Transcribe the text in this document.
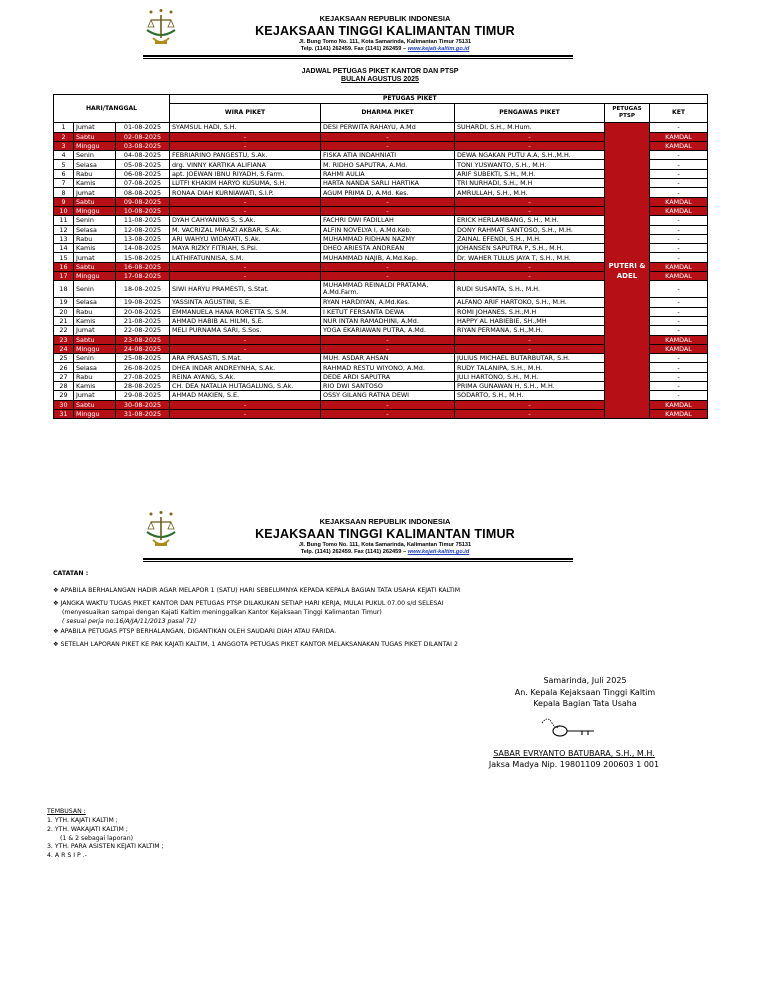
KEJAKSAAN REPUBLIK INDONESIA
KEJAKSAAN TINGGI KALIMANTAN TIMUR
Jl. Bung Tomo No. 111, Kota Samarinda, Kalimantan Timur 75131
Telp. (1141) 262459. Fax (1141) 262459 – www.kejati-kaltim.go.id
JADWAL PETUGAS PIKET KANTOR DAN PTSP
BULAN AGUSTUS 2025
HARI/TANGGAL			PETUGAS PIKET				
			WIRA PIKET	DHARMA PIKET	PENGAWAS PIKET	PETUGAS PTSP	KET
1	Jumat	01-08-2025	SYAMSUL HADI, S.H.	DESI PERWITA RAHAYU, A.Md	SUHARDI, S.H., M.Hum.	PUTERI & ADEL	-
2	Sabtu	02-08-2025	-	-	-		KAMDAL
3	Minggu	03-08-2025	-	-	-		KAMDAL
4	Senin	04-08-2025	FEBRIARINO PANGESTU, S.Ak.	FISKA ATIA INDAHNIATI	DEWA NGAKAN PUTU A.A, S.H.,M.H.		-
5	Selasa	05-08-2025	drg. VINNY KARTIKA ALIFIANA	M. RIDHO SAPUTRA, A.Md.	TONI YUSWANTO, S.H., M.H.		-
6	Rabu	06-08-2025	apt. JOEWAN IBNU RIYADH, S.Farm.	RAHMI AULIA	ARIF SUBEKTI, S.H., M.H.		-
7	Kamis	07-08-2025	LUTFI KHAKIM HARYO KUSUMA, S.H.	HARTA NANDA SARLI HARTIKA	TRI NURHADI, S.H., M.H		-
8	Jumat	08-08-2025	RONAA DIAH KURNIAWATI, S.I.P.	AGUM PRIMA D, A.Md. Kes.	AMRULLAH, S.H., M.H.		-
9	Sabtu	09-08-2025	-	-	-		KAMDAL
10	Minggu	10-08-2025	-	-	-		KAMDAL
11	Senin	11-08-2025	DYAH CAHYANING S, S.Ak.	FACHRI DWI FADILLAH	ERICK HERLAMBANG, S.H., M.H.		-
12	Selasa	12-08-2025	M. VACRIZAL MIRAZI AKBAR, S.Ak.	ALFIN NOVELYA I, A.Md.Keb.	DONY RAHMAT SANTOSO, S.H., M.H.		-
13	Rabu	13-08-2025	ARI WAHYU WIDAYATI, S.Ak.	MUHAMMAD RIDHAN NAZMY	ZAINAL EFENDI, S.H., M.H.		-
14	Kamis	14-08-2025	MAYA RIZKY FITRIAH, S.Psi.	DHEO ARIESTA ANDREAN	JOHANSEN SAPUTRA P, S.H., M.H.		-
15	Jumat	15-08-2025	LATHIFATUNNISA, S.M.	MUHAMMAD NAJIB, A.Md.Kep.	Dr. WAHER TULUS JAYA T, S.H., M.H.		-
16	Sabtu	16-08-2025	-	-	-		KAMDAL
17	Minggu	17-08-2025	-	-	-		KAMDAL
18	Senin	18-08-2025	SIWI HARYU PRAMESTI, S.Stat.	MUHAMMAD REINALDI PRATAMA, A.Md.Farm.	RUDI SUSANTA, S.H., M.H.		-
19	Selasa	19-08-2025	YASSINTA AGUSTINI, S.E.	RYAN HARDIYAN, A.Md.Kes.	ALFANO ARIF HARTOKO, S.H., M.H.		-
20	Rabu	20-08-2025	EMMANUELA HANA RORETTA S, S.M.	I KETUT FERSANTA DEWA	ROMI JOHANES, S.H.,M.H		-
21	Kamis	21-08-2025	AHMAD HABIB AL HILMI, S.E.	NUR INTAN RAMADHINI, A.Md.	HAPPY AL HABIEBIE, SH.,MH		-
22	Jumat	22-08-2025	MELI PURNAMA SARI, S.Sos.	YOGA EKARIAWAN PUTRA, A.Md.	RIYAN PERMANA, S.H.,M.H.		-
23	Sabtu	23-08-2025	-	-	-		KAMDAL
24	Minggu	24-08-2025	-	-	-		KAMDAL
25	Senin	25-08-2025	ARA PRASASTI, S.Mat.	MUH. ASDAR AHSAN	JULIUS MICHAEL BUTARBUTAR, S.H.		-
26	Selasa	26-08-2025	DHEA INDAR ANDREYNHA, S.Ak.	RAHMAD RESTU WIYONO, A.Md.	RUDY TALANIPA, S.H., M.H.		-
27	Rabu	27-08-2025	REINA AYANG, S.Ak.	DEDE ARDI SAPUTRA	JULI HARTONO, S.H., M.H.		-
28	Kamis	28-08-2025	CH. DEA NATALIA HUTAGALUNG, S.Ak.	RIO DWI SANTOSO	PRIMA GUNAWAN H, S.H., M.H.		-
29	Jumat	29-08-2025	AHMAD MAKIEN, S.E.	OSSY GILANG RATNA DEWI	SODARTO, S.H., M.H.		-
30	Sabtu	30-08-2025	-	-	-		KAMDAL
31	Minggu	31-08-2025	-	-	-		KAMDAL
KEJAKSAAN REPUBLIK INDONESIA
KEJAKSAAN TINGGI KALIMANTAN TIMUR
Jl. Bung Tomo No. 111, Kota Samarinda, Kalimantan Timur 75131
Telp. (1141) 262459. Fax (1141) 262459 – www.kejati-kaltim.go.id
CATATAN :
❖ APABILA BERHALANGAN HADIR AGAR MELAPOR 1 (SATU) HARI SEBELUMNYA KEPADA KEPALA BAGIAN TATA USAHA KEJATI KALTIM
❖ JANGKA WAKTU TUGAS PIKET KANTOR DAN PETUGAS PTSP DILAKUKAN SETIAP HARI KERJA, MULAI PUKUL 07.00 s/d SELESAI
(menyesuaikan sampai dengan Kajati Kaltim meninggalkan Kantor Kejaksaan Tinggi Kalimantan Timur)
( sesuai perja no.16/A/JA/11/2013 pasal 71)
❖ APABILA PETUGAS PTSP BERHALANGAN, DIGANTIKAN OLEH SAUDARI DIAH ATAU FARIDA.
❖ SETELAH LAPORAN PIKET KE PAK KAJATI KALTIM, 1 ANGGOTA PETUGAS PIKET KANTOR MELAKSANAKAN TUGAS PIKET DILANTAI 2
Samarinda, Juli 2025
An. Kepala Kejaksaan Tinggi Kaltim
Kepala Bagian Tata Usaha
SABAR EVRYANTO BATUBARA, S.H., M.H.
Jaksa Madya Nip. 19801109 200603 1 001
TEMBUSAN :
1. YTH. KAJATI KALTIM ;
2. YTH. WAKAJATI KALTIM ;
(1 & 2 sebagai laporan)
3. YTH. PARA ASISTEN KEJATI KALTIM ;
4. A R S I P .-
